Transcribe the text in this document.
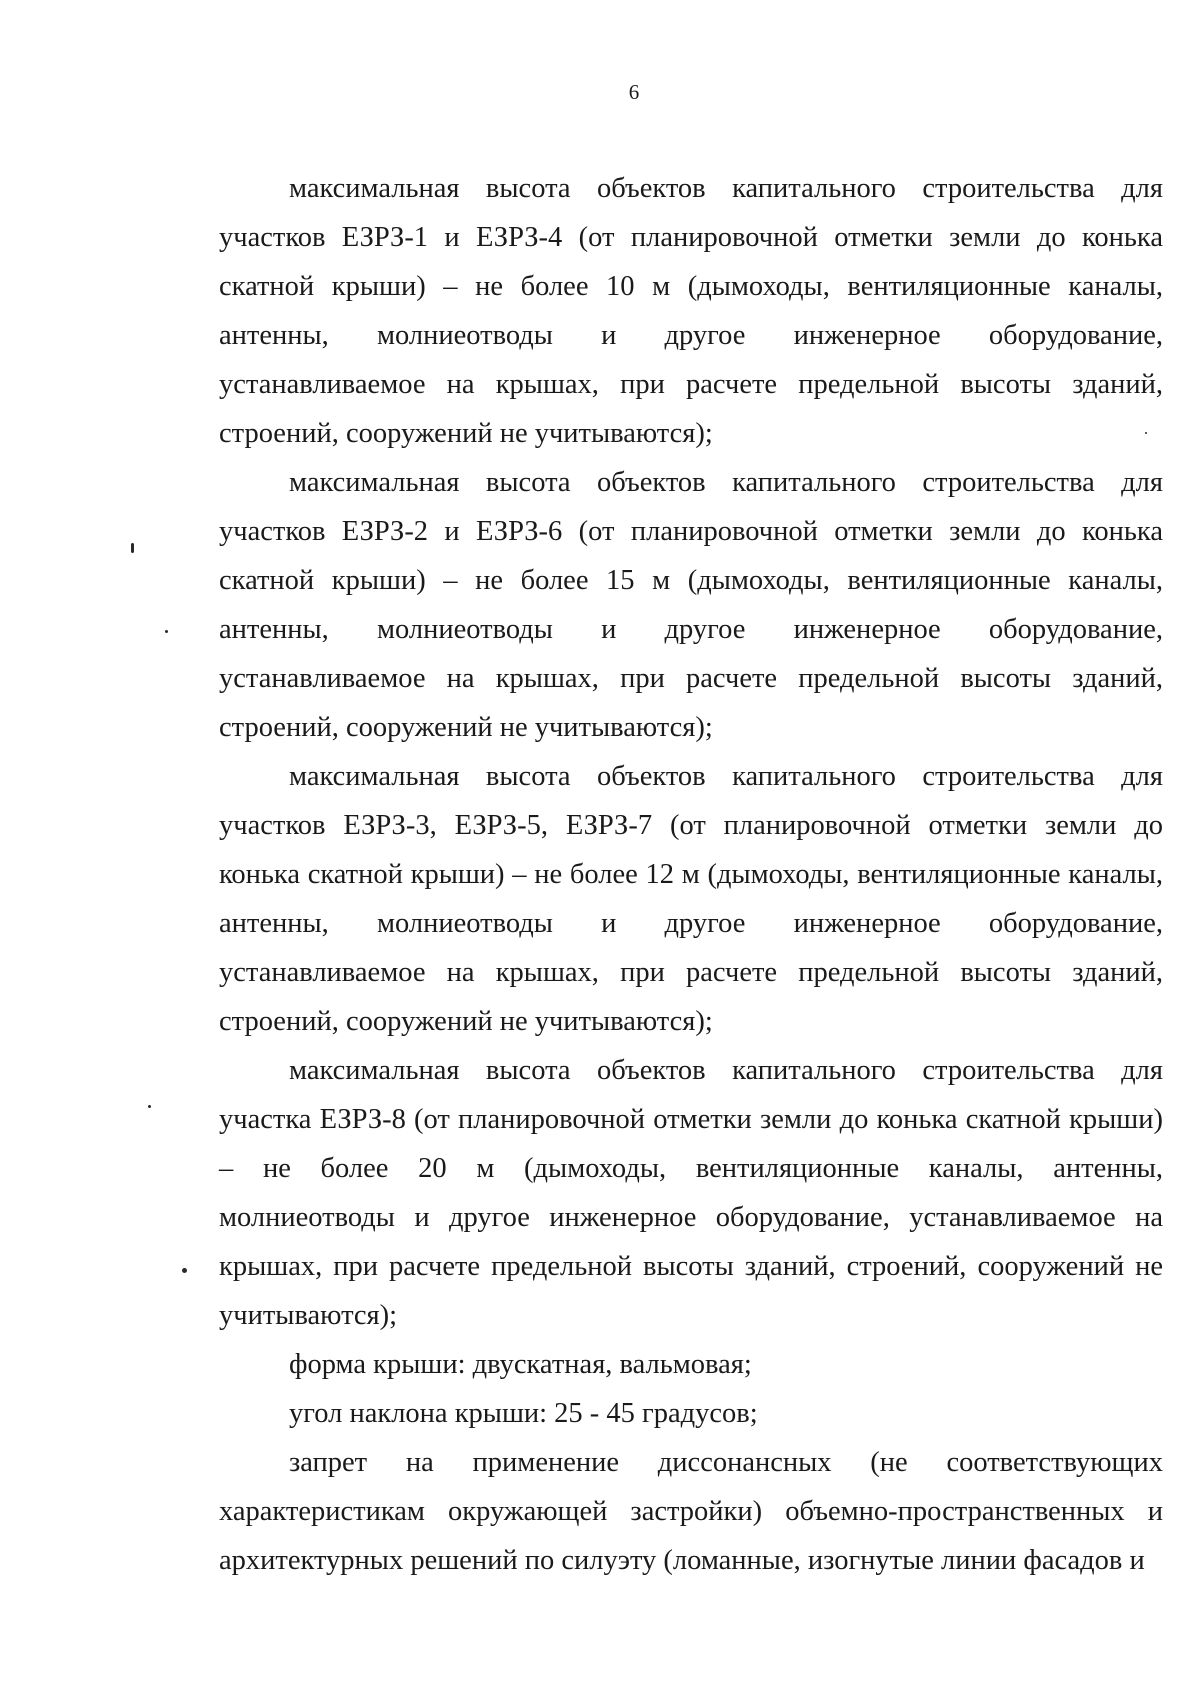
6

максимальная высота объектов капитального строительства для участков ЕЗРЗ-1 и ЕЗРЗ-4 (от планировочной отметки земли до конька скатной крыши) – не более 10 м (дымоходы, вентиляционные каналы, антенны, молниеотводы и другое инженерное оборудование, устанавливаемое на крышах, при расчете предельной высоты зданий, строений, сооружений не учитываются);

максимальная высота объектов капитального строительства для участков ЕЗРЗ-2 и ЕЗРЗ-6 (от планировочной отметки земли до конька скатной крыши) – не более 15 м (дымоходы, вентиляционные каналы, антенны, молниеотводы и другое инженерное оборудование, устанавливаемое на крышах, при расчете предельной высоты зданий, строений, сооружений не учитываются);

максимальная высота объектов капитального строительства для участков ЕЗРЗ-3, ЕЗРЗ-5, ЕЗРЗ-7 (от планировочной отметки земли до конька скатной крыши) – не более 12 м (дымоходы, вентиляционные каналы, антенны, молниеотводы и другое инженерное оборудование, устанавливаемое на крышах, при расчете предельной высоты зданий, строений, сооружений не учитываются);

максимальная высота объектов капитального строительства для участка ЕЗРЗ-8 (от планировочной отметки земли до конька скатной крыши) – не более 20 м (дымоходы, вентиляционные каналы, антенны, молниеотводы и другое инженерное оборудование, устанавливаемое на крышах, при расчете предельной высоты зданий, строений, сооружений не учитываются);

форма крыши: двускатная, вальмовая;

угол наклона крыши: 25 - 45 градусов;

запрет на применение диссонансных (не соответствующих характеристикам окружающей застройки) объемно-пространственных и архитектурных решений по силуэту (ломанные, изогнутые линии фасадов и
